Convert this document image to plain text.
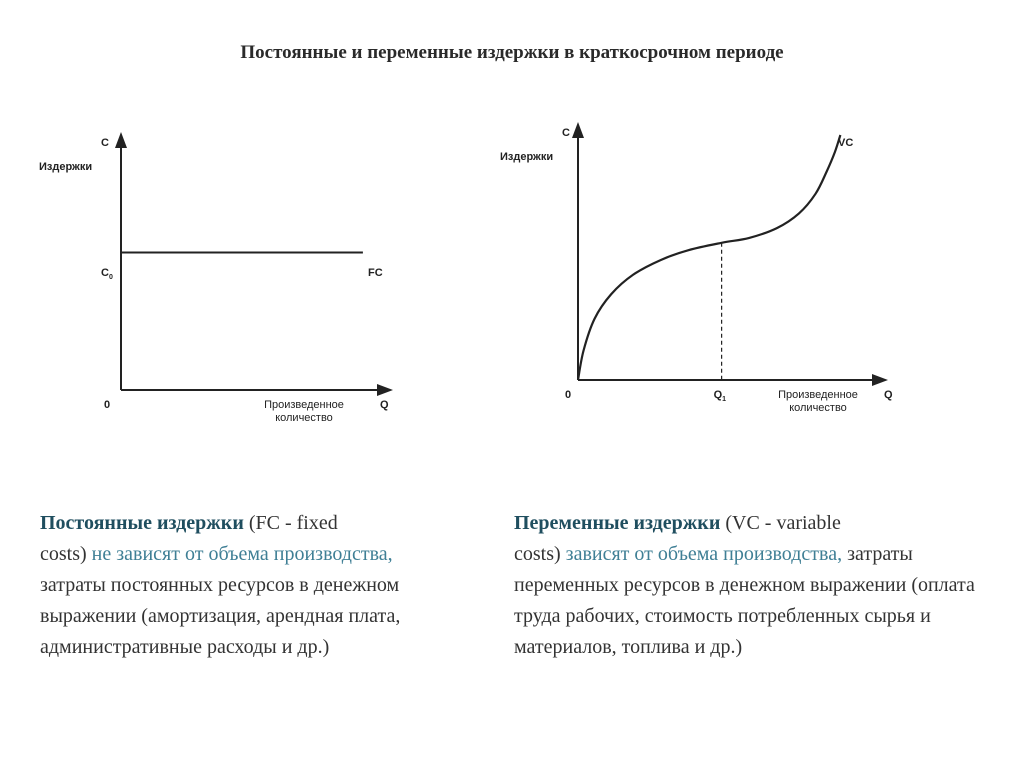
Постоянные и переменные издержки в краткосрочном периоде
C
Издержки
$C_0$	FC
0	Q
Произведенное
количество
C
Издержки
VC
0	$Q_1$	Q
Произведенное
количество
Постоянные издержки (FC - fixed
costs) не зависят от объема производства, затраты постоянных ресурсов в денежном выражении (амортизация, арендная плата, административные расходы и др.)
Переменные издержки (VC - variable
costs) зависят от объема производства, затраты переменных ресурсов в денежном выражении (оплата труда рабочих, стоимость потребленных сырья и материалов, топлива и др.)
